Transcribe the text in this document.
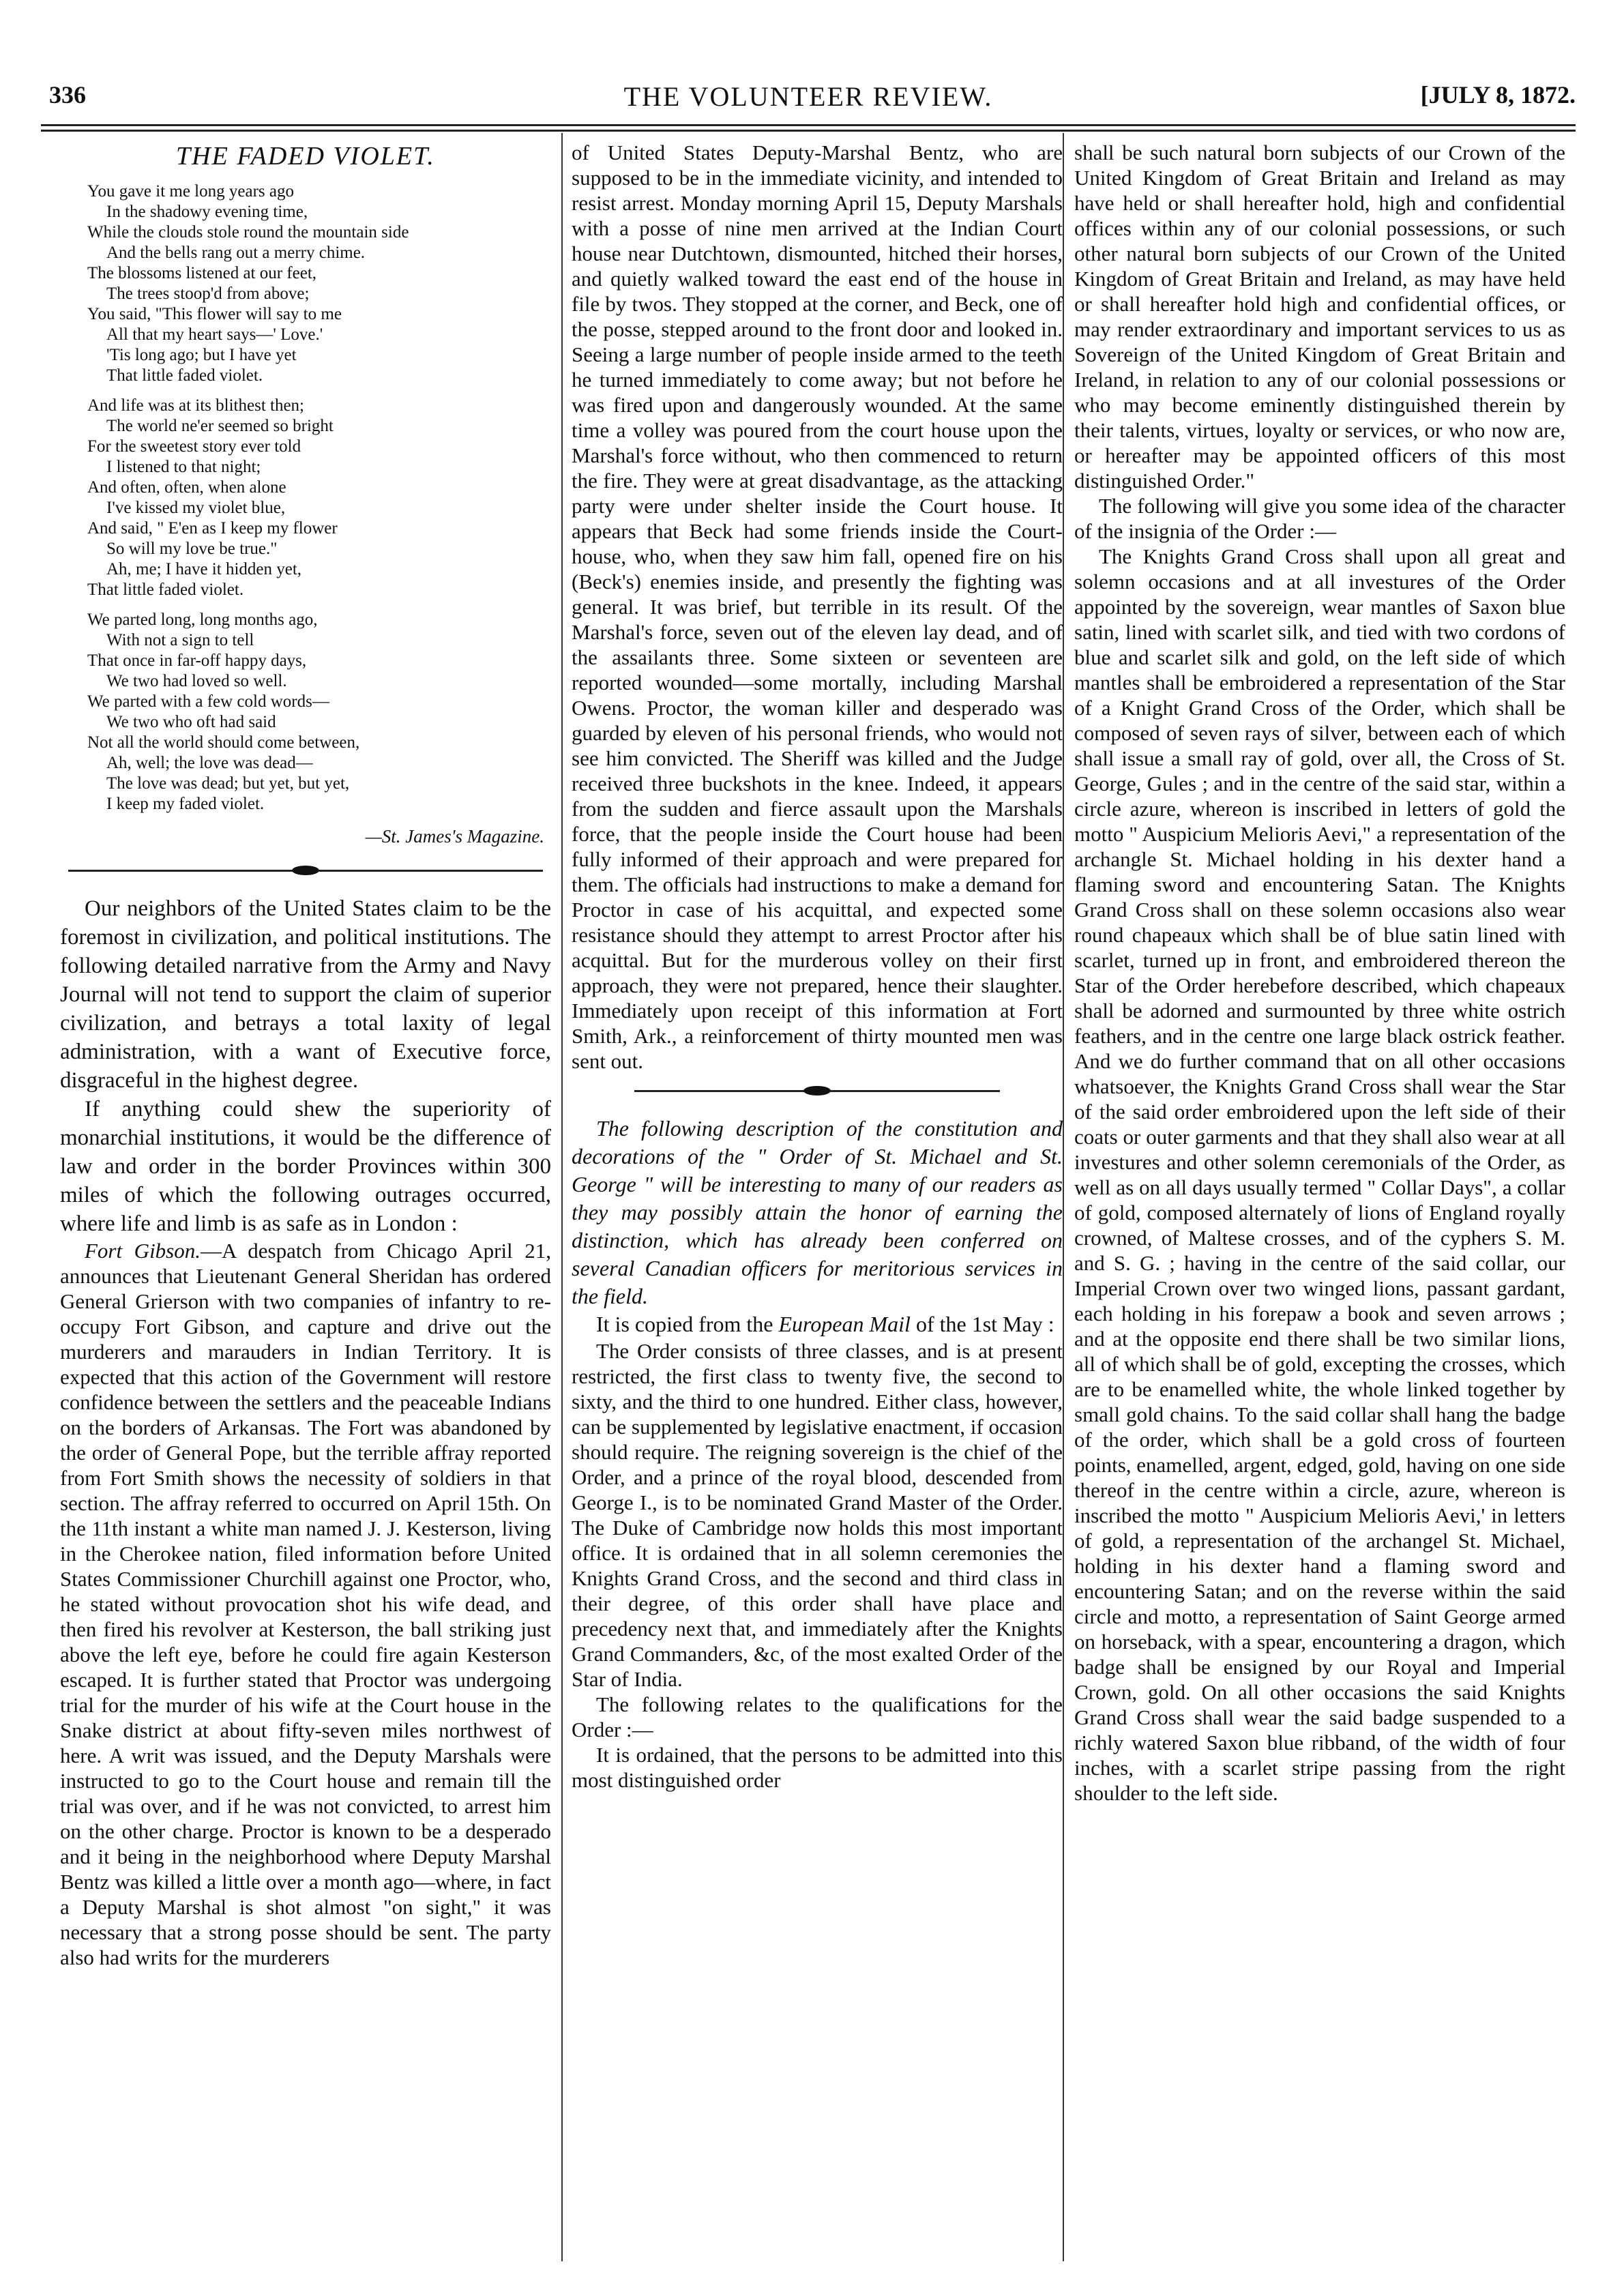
336	THE VOLUNTEER REVIEW.	[JULY 8, 1872.
THE FADED VIOLET.
You gave it me long years ago
In the shadowy evening time,
While the clouds stole round the mountain side
And the bells rang out a merry chime.
The blossoms listened at our feet,
The trees stoop'd from above;
You said, "This flower will say to me
All that my heart says—' Love.'
'Tis long ago; but I have yet
That little faded violet.
And life was at its blithest then;
The world ne'er seemed so bright
For the sweetest story ever told
I listened to that night;
And often, often, when alone
I've kissed my violet blue,
And said, " E'en as I keep my flower
So will my love be true."
Ah, me; I have it hidden yet,
That little faded violet.
We parted long, long months ago,
With not a sign to tell
That once in far-off happy days,
We two had loved so well.
We parted with a few cold words—
We two who oft had said
Not all the world should come between,
Ah, well; the love was dead—
The love was dead; but yet, but yet,
I keep my faded violet.
—St. James's Magazine.

Our neighbors of the United States claim to be the foremost in civilization, and political institutions. The following detailed narrative from the Army and Navy Journal will not tend to support the claim of superior civilization, and betrays a total laxity of legal administration, with a want of Executive force, disgraceful in the highest degree.

If anything could shew the superiority of monarchial institutions, it would be the difference of law and order in the border Provinces within 300 miles of which the following outrages occurred, where life and limb is as safe as in London :

Fort Gibson.—A despatch from Chicago April 21, announces that Lieutenant General Sheridan has ordered General Grierson with two companies of infantry to re-occupy Fort Gibson, and capture and drive out the murderers and marauders in Indian Territory. It is expected that this action of the Government will restore confidence between the settlers and the peaceable Indians on the borders of Arkansas. The Fort was abandoned by the order of General Pope, but the terrible affray reported from Fort Smith shows the necessity of soldiers in that section. The affray referred to occurred on April 15th. On the 11th instant a white man named J. J. Kesterson, living in the Cherokee nation, filed information before United States Commissioner Churchill against one Proctor, who, he stated without provocation shot his wife dead, and then fired his revolver at Kesterson, the ball striking just above the left eye, before he could fire again Kesterson escaped. It is further stated that Proctor was undergoing trial for the murder of his wife at the Court house in the Snake district at about fifty-seven miles northwest of here. A writ was issued, and the Deputy Marshals were instructed to go to the Court house and remain till the trial was over, and if he was not convicted, to arrest him on the other charge. Proctor is known to be a desperado and it being in the neighborhood where Deputy Marshal Bentz was killed a little over a month ago—where, in fact a Deputy Marshal is shot almost "on sight," it was necessary that a strong posse should be sent. The party also had writs for the murderers

of United States Deputy-Marshal Bentz, who are supposed to be in the immediate vicinity, and intended to resist arrest. Monday morning April 15, Deputy Marshals with a posse of nine men arrived at the Indian Court house near Dutchtown, dismounted, hitched their horses, and quietly walked toward the east end of the house in file by twos. They stopped at the corner, and Beck, one of the posse, stepped around to the front door and looked in. Seeing a large number of people inside armed to the teeth he turned immediately to come away; but not before he was fired upon and dangerously wounded. At the same time a volley was poured from the court house upon the Marshal's force without, who then commenced to return the fire. They were at great disadvantage, as the attacking party were under shelter inside the Court house. It appears that Beck had some friends inside the Court-house, who, when they saw him fall, opened fire on his (Beck's) enemies inside, and presently the fighting was general. It was brief, but terrible in its result. Of the Marshal's force, seven out of the eleven lay dead, and of the assailants three. Some sixteen or seventeen are reported wounded—some mortally, including Marshal Owens. Proctor, the woman killer and desperado was guarded by eleven of his personal friends, who would not see him convicted. The Sheriff was killed and the Judge received three buckshots in the knee. Indeed, it appears from the sudden and fierce assault upon the Marshals force, that the people inside the Court house had been fully informed of their approach and were prepared for them. The officials had instructions to make a demand for Proctor in case of his acquittal, and expected some resistance should they attempt to arrest Proctor after his acquittal. But for the murderous volley on their first approach, they were not prepared, hence their slaughter. Immediately upon receipt of this information at Fort Smith, Ark., a reinforcement of thirty mounted men was sent out.

The following description of the constitution and decorations of the " Order of St. Michael and St. George " will be interesting to many of our readers as they may possibly attain the honor of earning the distinction, which has already been conferred on several Canadian officers for meritorious services in the field.

It is copied from the European Mail of the 1st May :

The Order consists of three classes, and is at present restricted, the first class to twenty five, the second to sixty, and the third to one hundred. Either class, however, can be supplemented by legislative enactment, if occasion should require. The reigning sovereign is the chief of the Order, and a prince of the royal blood, descended from George I., is to be nominated Grand Master of the Order. The Duke of Cambridge now holds this most important office. It is ordained that in all solemn ceremonies the Knights Grand Cross, and the second and third class in their degree, of this order shall have place and precedency next that, and immediately after the Knights Grand Commanders, &c, of the most exalted Order of the Star of India.

The following relates to the qualifications for the Order :—

It is ordained, that the persons to be admitted into this most distinguished order

shall be such natural born subjects of our Crown of the United Kingdom of Great Britain and Ireland as may have held or shall hereafter hold, high and confidential offices within any of our colonial possessions, or such other natural born subjects of our Crown of the United Kingdom of Great Britain and Ireland, as may have held or shall hereafter hold high and confidential offices, or may render extraordinary and important services to us as Sovereign of the United Kingdom of Great Britain and Ireland, in relation to any of our colonial possessions or who may become eminently distinguished therein by their talents, virtues, loyalty or services, or who now are, or hereafter may be appointed officers of this most distinguished Order."

The following will give you some idea of the character of the insignia of the Order :—

The Knights Grand Cross shall upon all great and solemn occasions and at all investures of the Order appointed by the sovereign, wear mantles of Saxon blue satin, lined with scarlet silk, and tied with two cordons of blue and scarlet silk and gold, on the left side of which mantles shall be embroidered a representation of the Star of a Knight Grand Cross of the Order, which shall be composed of seven rays of silver, between each of which shall issue a small ray of gold, over all, the Cross of St. George, Gules ; and in the centre of the said star, within a circle azure, whereon is inscribed in letters of gold the motto " Auspicium Melioris Aevi," a representation of the archangle St. Michael holding in his dexter hand a flaming sword and encountering Satan. The Knights Grand Cross shall on these solemn occasions also wear round chapeaux which shall be of blue satin lined with scarlet, turned up in front, and embroidered thereon the Star of the Order herebefore described, which chapeaux shall be adorned and surmounted by three white ostrich feathers, and in the centre one large black ostrick feather. And we do further command that on all other occasions whatsoever, the Knights Grand Cross shall wear the Star of the said order embroidered upon the left side of their coats or outer garments and that they shall also wear at all investures and other solemn ceremonials of the Order, as well as on all days usually termed " Collar Days", a collar of gold, composed alternately of lions of England royally crowned, of Maltese crosses, and of the cyphers S. M. and S. G. ; having in the centre of the said collar, our Imperial Crown over two winged lions, passant gardant, each holding in his forepaw a book and seven arrows ; and at the opposite end there shall be two similar lions, all of which shall be of gold, excepting the crosses, which are to be enamelled white, the whole linked together by small gold chains. To the said collar shall hang the badge of the order, which shall be a gold cross of fourteen points, enamelled, argent, edged, gold, having on one side thereof in the centre within a circle, azure, whereon is inscribed the motto " Auspicium Melioris Aevi,' in letters of gold, a representation of the archangel St. Michael, holding in his dexter hand a flaming sword and encountering Satan; and on the reverse within the said circle and motto, a representation of Saint George armed on horseback, with a spear, encountering a dragon, which badge shall be ensigned by our Royal and Imperial Crown, gold. On all other occasions the said Knights Grand Cross shall wear the said badge suspended to a richly watered Saxon blue ribband, of the width of four inches, with a scarlet stripe passing from the right shoulder to the left side.
